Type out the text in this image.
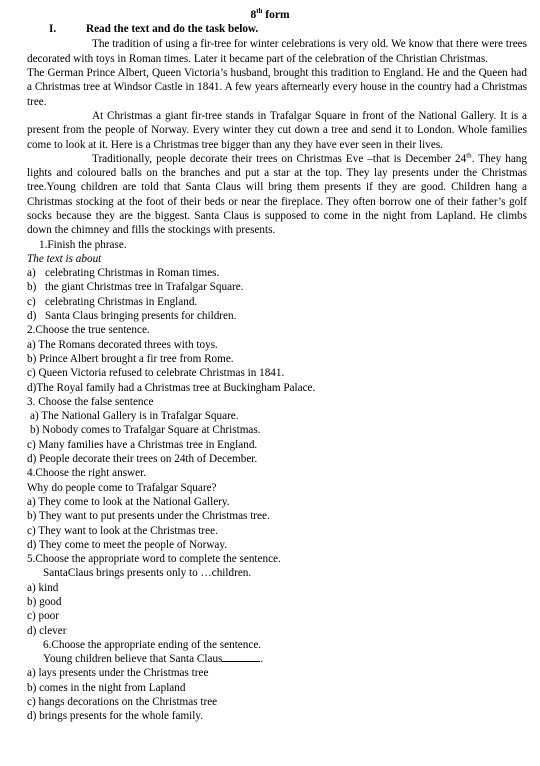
8th form
I.	Read the text and do the task below.

The tradition of using a fir-tree for winter celebrations is very old. We know that there were trees decorated with toys in Roman times. Later it became part of the celebration of the Christian Christmas.

The German Prince Albert, Queen Victoria’s husband, brought this tradition to England. He and the Queen had a Christmas tree at Windsor Castle in 1841. A few years afternearly every house in the country had a Christmas tree.

At Christmas a giant fir-tree stands in Trafalgar Square in front of the National Gallery. It is a present from the people of Norway. Every winter they cut down a tree and send it to London. Whole families come to look at it. Here is a Christmas tree bigger than any they have ever seen in their lives.

Traditionally, people decorate their trees on Christmas Eve –that is December 24th. They hang lights and coloured balls on the branches and put a star at the top. They lay presents under the Christmas tree.Young children are told that Santa Claus will bring them presents if they are good. Children hang a Christmas stocking at the foot of their beds or near the fireplace. They often borrow one of their father’s golf socks because they are the biggest. Santa Claus is supposed to come in the night from Lapland. He climbs down the chimney and fills the stockings with presents.

1.Finish the phrase.

The text is about

a) celebrating Christmas in Roman times.

b) the giant Christmas tree in Trafalgar Square.

c) celebrating Christmas in England.

d) Santa Claus bringing presents for children.

2.Choose the true sentence.

a) The Romans decorated threes with toys.

b) Prince Albert brought a fir tree from Rome.

c) Queen Victoria refused to celebrate Christmas in 1841.

d)The Royal family had a Christmas tree at Buckingham Palace.

3. Choose the false sentence

a) The National Gallery is in Trafalgar Square.

b) Nobody comes to Trafalgar Square at Christmas.

c) Many families have a Christmas tree in England.

d) People decorate their trees on 24th of December.

4.Choose the right answer.

Why do people come to Trafalgar Square?

a) They come to look at the National Gallery.

b) They want to put presents under the Christmas tree.

c) They want to look at the Christmas tree.

d) They come to meet the people of Norway.

5.Choose the appropriate word to complete the sentence.

SantaClaus brings presents only to …children.

a) kind

b) good

c) poor

d) clever

6.Choose the appropriate ending of the sentence.

Young children believe that Santa Claus	.

a) lays presents under the Christmas tree

b) comes in the night from Lapland

c) hangs decorations on the Christmas tree

d) brings presents for the whole family.
